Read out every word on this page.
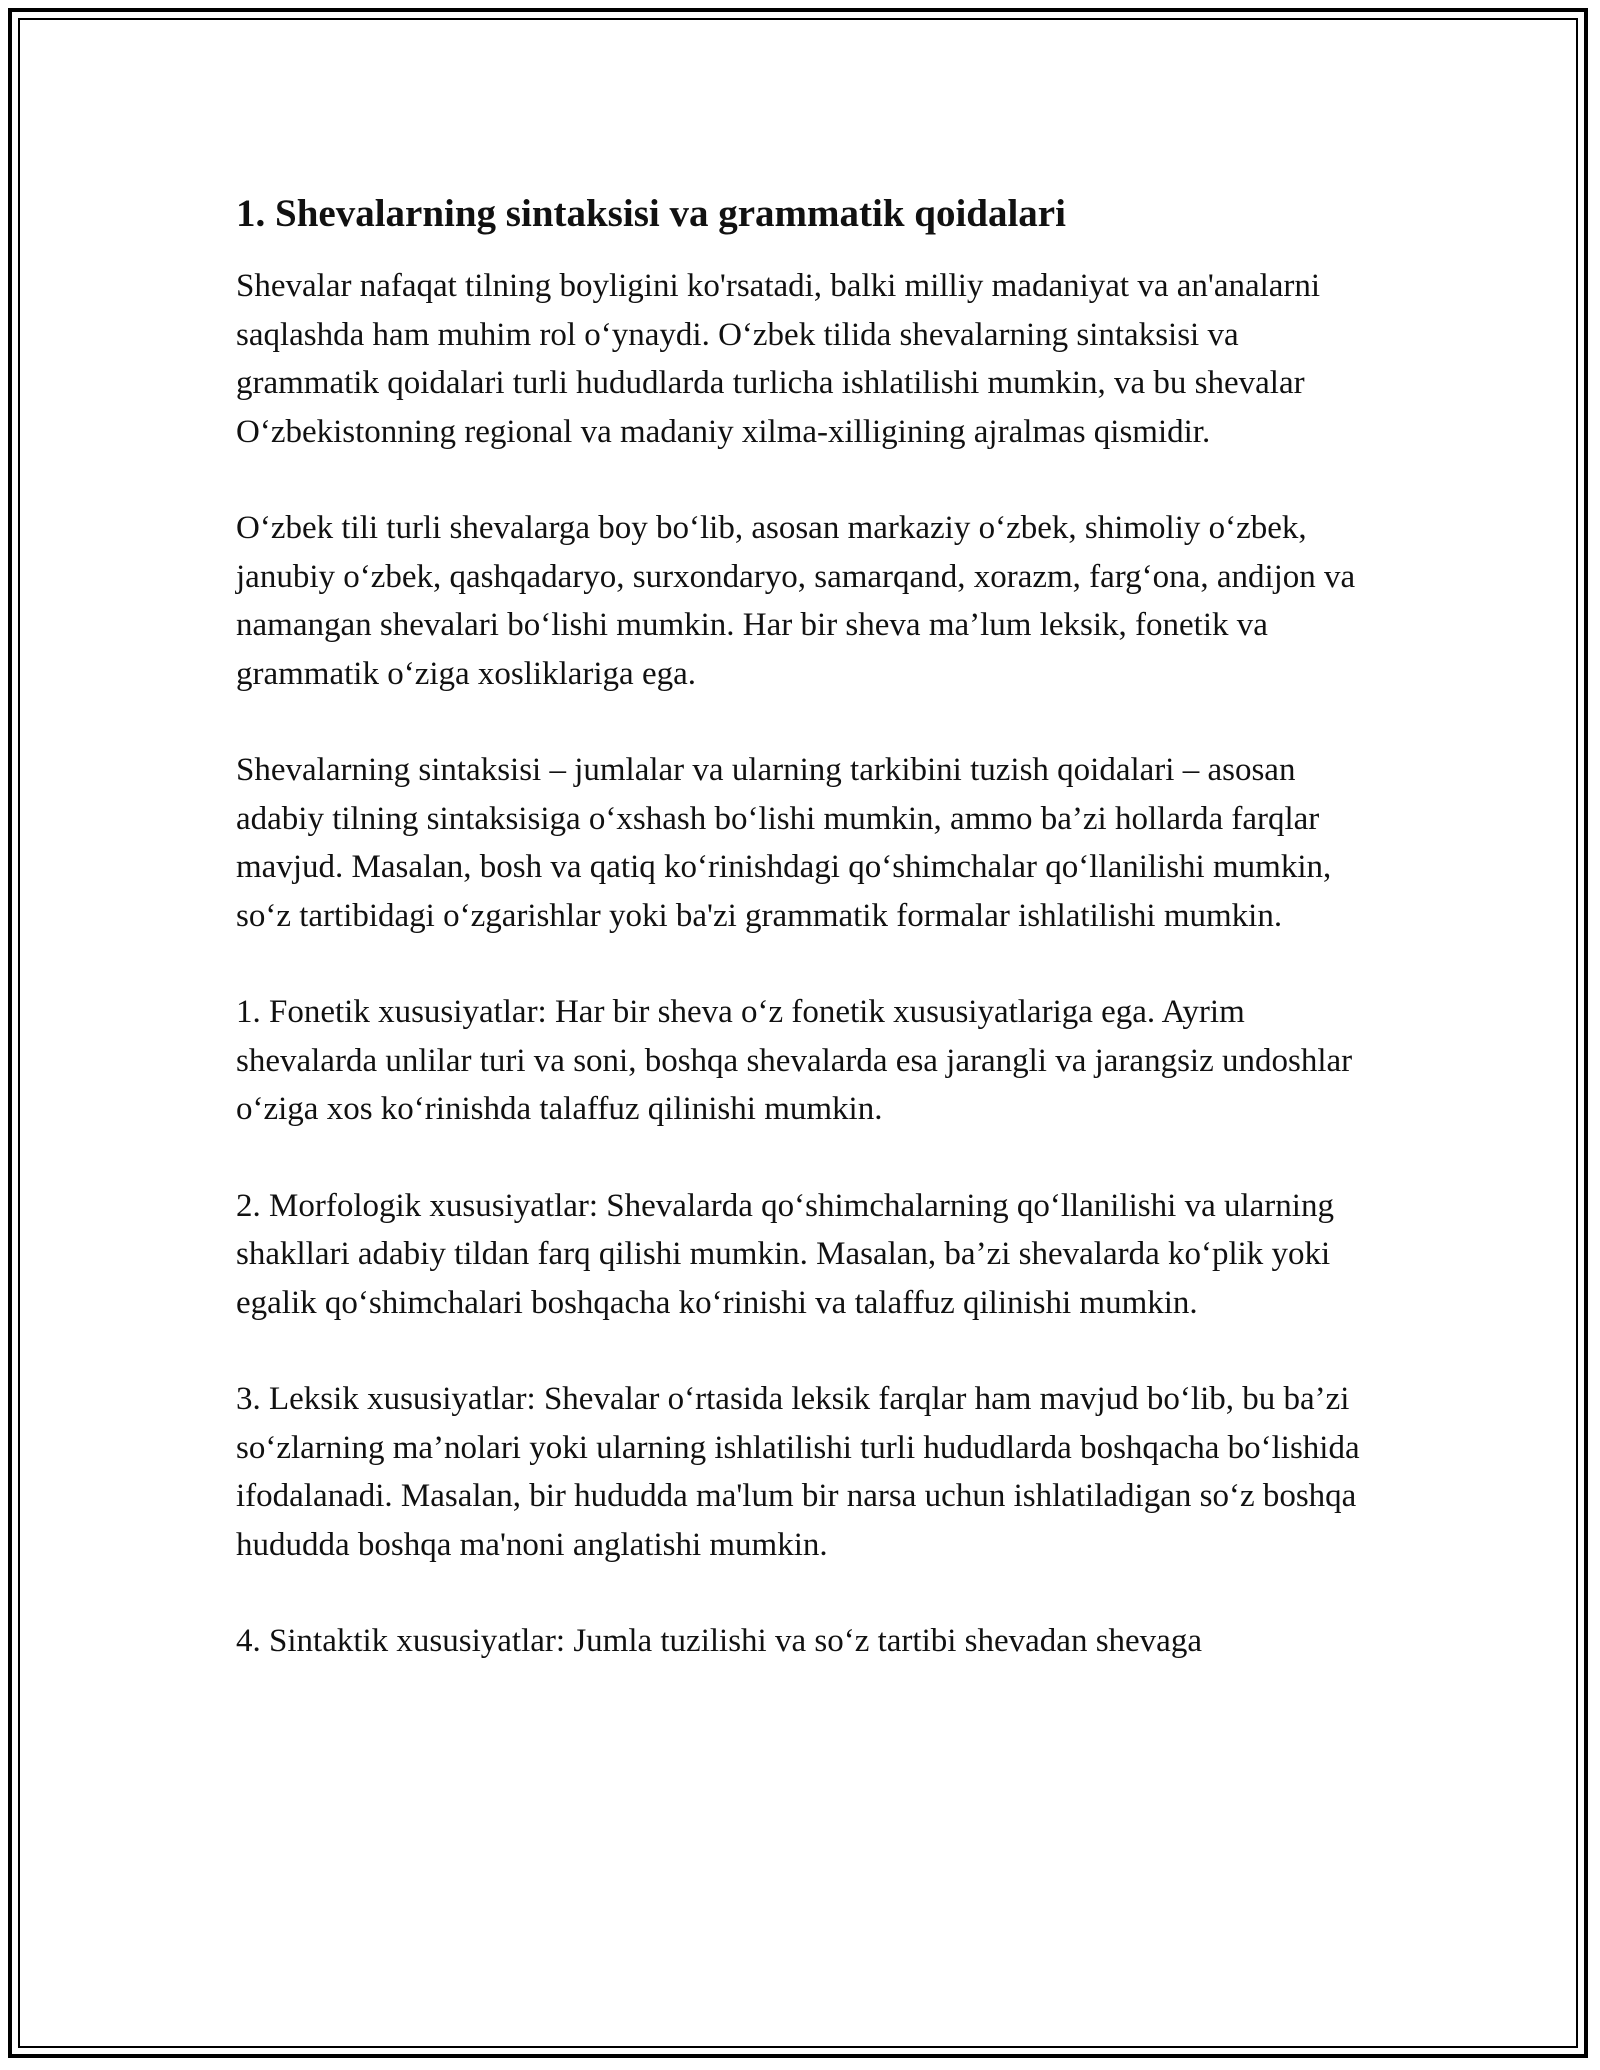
1. Shevalarning sintaksisi va grammatik qoidalari

Shevalar nafaqat tilning boyligini ko'rsatadi, balki milliy madaniyat va an'analarni saqlashda ham muhim rol o‘ynaydi. O‘zbek tilida shevalarning sintaksisi va grammatik qoidalari turli hududlarda turlicha ishlatilishi mumkin, va bu shevalar O‘zbekistonning regional va madaniy xilma-xilligining ajralmas qismidir.

O‘zbek tili turli shevalarga boy bo‘lib, asosan markaziy o‘zbek, shimoliy o‘zbek, janubiy o‘zbek, qashqadaryo, surxondaryo, samarqand, xorazm, farg‘ona, andijon va namangan shevalari bo‘lishi mumkin. Har bir sheva ma’lum leksik, fonetik va grammatik o‘ziga xosliklariga ega.

Shevalarning sintaksisi – jumlalar va ularning tarkibini tuzish qoidalari – asosan adabiy tilning sintaksisiga o‘xshash bo‘lishi mumkin, ammo ba’zi hollarda farqlar mavjud. Masalan, bosh va qatiq ko‘rinishdagi qo‘shimchalar qo‘llanilishi mumkin, so‘z tartibidagi o‘zgarishlar yoki ba'zi grammatik formalar ishlatilishi mumkin.

1. Fonetik xususiyatlar: Har bir sheva o‘z fonetik xususiyatlariga ega. Ayrim shevalarda unlilar turi va soni, boshqa shevalarda esa jarangli va jarangsiz undoshlar o‘ziga xos ko‘rinishda talaffuz qilinishi mumkin.

2. Morfologik xususiyatlar: Shevalarda qo‘shimchalarning qo‘llanilishi va ularning shakllari adabiy tildan farq qilishi mumkin. Masalan, ba’zi shevalarda ko‘plik yoki egalik qo‘shimchalari boshqacha ko‘rinishi va talaffuz qilinishi mumkin.

3. Leksik xususiyatlar: Shevalar o‘rtasida leksik farqlar ham mavjud bo‘lib, bu ba’zi so‘zlarning ma’nolari yoki ularning ishlatilishi turli hududlarda boshqacha bo‘lishida ifodalanadi. Masalan, bir hududda ma'lum bir narsa uchun ishlatiladigan so‘z boshqa hududda boshqa ma'noni anglatishi mumkin.

4. Sintaktik xususiyatlar: Jumla tuzilishi va so‘z tartibi shevadan shevaga
